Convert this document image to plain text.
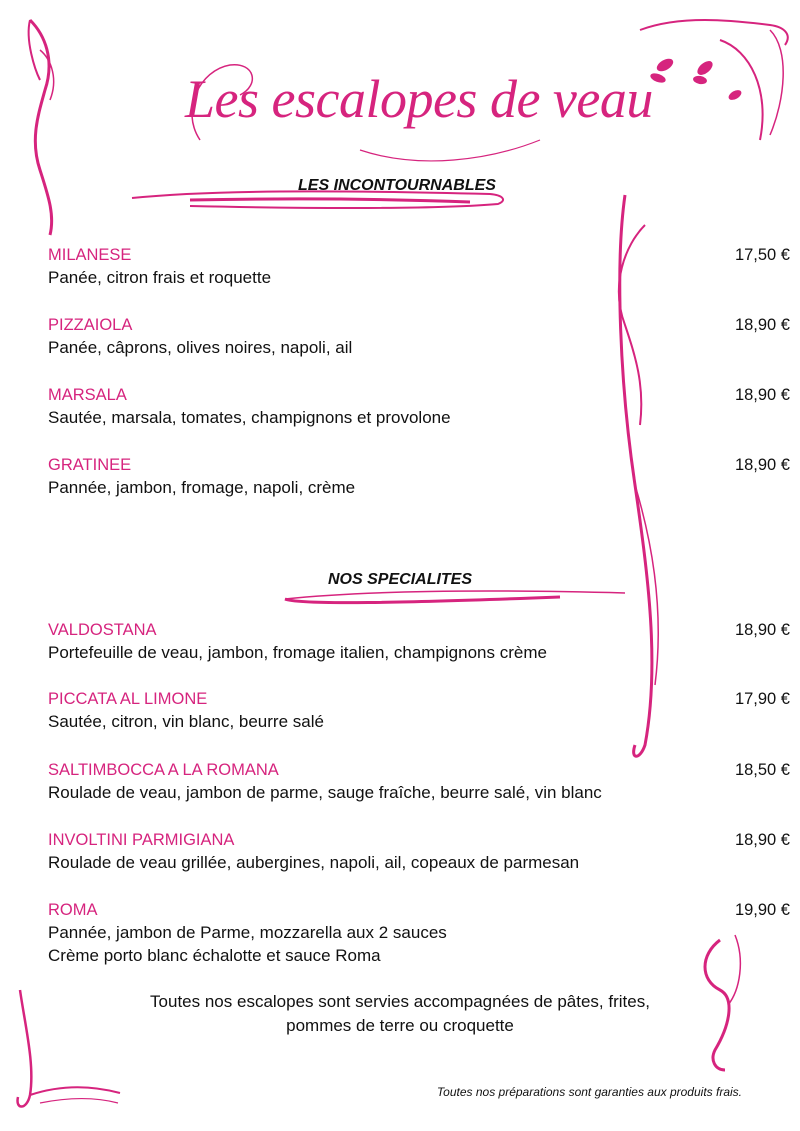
Les escalopes de veau
LES INCONTOURNABLES
MILANESE
Panée, citron frais et roquette
17,50 €
PIZZAIOLA
Panée, câprons, olives noires, napoli, ail
18,90 €
MARSALA
Sautée, marsala, tomates, champignons et provolone
18,90 €
GRATINEE
Pannée, jambon, fromage, napoli, crème
18,90 €
NOS SPECIALITES
VALDOSTANA
Portefeuille de veau, jambon, fromage italien, champignons crème
18,90 €
PICCATA AL LIMONE
Sautée, citron, vin blanc, beurre salé
17,90 €
SALTIMBOCCA A LA ROMANA
Roulade de veau, jambon de parme, sauge fraîche, beurre salé, vin blanc
18,50 €
INVOLTINI PARMIGIANA
Roulade de veau grillée, aubergines, napoli, ail, copeaux de parmesan
18,90 €
ROMA
Pannée, jambon de Parme, mozzarella aux 2 sauces
Crème porto blanc échalotte et sauce Roma
19,90 €
Toutes nos escalopes sont servies accompagnées de pâtes, frites,
pommes de terre ou croquette
Toutes nos préparations sont garanties aux produits frais.
